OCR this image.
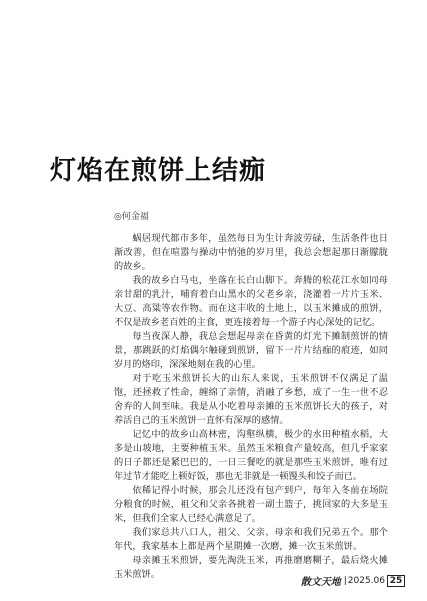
灯焰在煎饼上结痂
◎何金福

蜗居现代都市多年，虽然每日为生计奔波劳碌，生活条件也日渐改善，但在喧嚣与操动中悄弛的岁月里，我总会想起那日渐朦胧的故乡。

我的故乡白马屯，坐落在长白山脚下。奔腾的松花江水如同母亲甘甜的乳汁，哺育着白山黑水的父老乡亲，浇灌着一片片玉米、大豆、高粱等农作物。而在这丰收的土地上，以玉米摊成的煎饼，不仅是故乡老百姓的主食，更连接着每一个游子内心深处的记忆。

每当夜深人静，我总会想起母亲在昏黄的灯光下摊制煎饼的情景，那跳跃的灯焰偶尔触碰到煎饼，留下一片片结痂的痕迹，如同岁月的烙印，深深地刻在我的心里。

对于吃玉米煎饼长大的山东人来说，玉米煎饼不仅满足了温饱，还拯救了性命，缠绵了亲情，消融了乡愁，成了一生一世不忍舍弃的人间至味。我是从小吃着母亲摊的玉米煎饼长大的孩子，对养活自己的玉米煎饼一直怀有深厚的感情。

记忆中的故乡山高林密，沟壑纵横，极少的水田种植水稻，大多是山坡地，主要种植玉米。虽然玉米粮食产量较高，但几乎家家的日子都还是紧巴巴的，一日三餐吃的就是那些玉米煎饼，唯有过年过节才能吃上顿好饭，那也无非就是一顿馒头和饺子而已。

依稀记得小时候，那会儿还没有包产到户，每年入冬前在场院分粮食的时候，祖父和父亲各挑着一副土篮子，挑回家的大多是玉米，但我们全家人已经心满意足了。

我们家总共八口人，祖父、父亲、母亲和我们兄弟五个。那个年代，我家基本上都是两个星期摊一次磨，摊一次玉米煎饼。

母亲摊玉米煎饼，要先淘洗玉米，再推磨磨糊子，最后烧火摊玉米煎饼。

散文天地 | 2025.06 25
